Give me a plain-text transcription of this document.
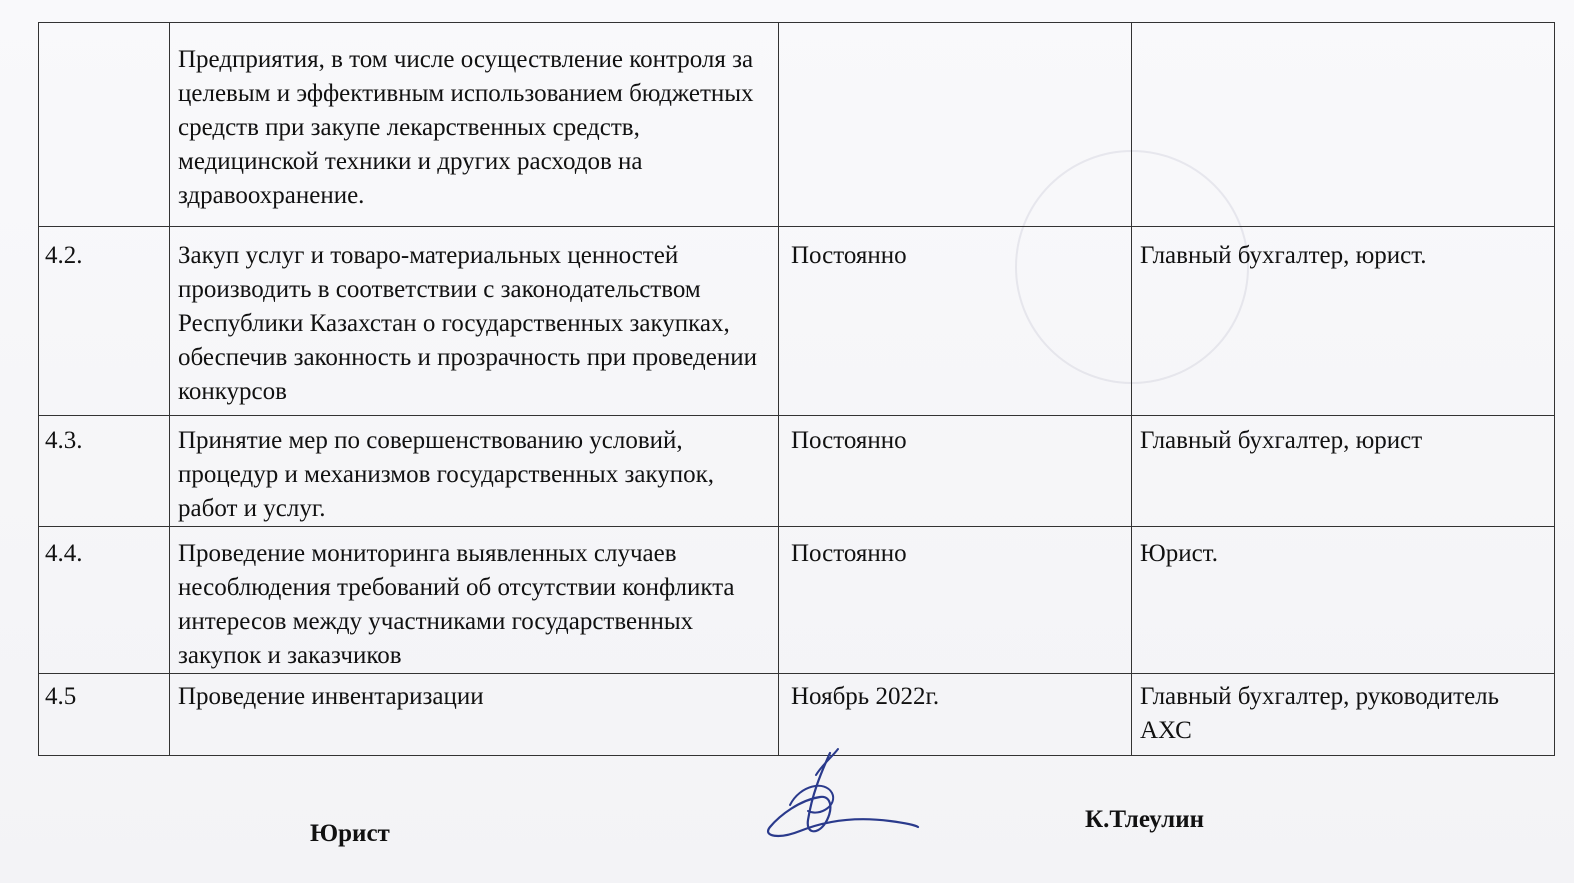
	Предприятия, в том числе осуществление контроля за целевым и эффективным использованием бюджетных средств при закупе лекарственных средств, медицинской техники и других расходов на здравоохранение.		
4.2.	Закуп услуг и товаро-материальных ценностей производить в соответствии с законодательством Республики Казахстан о государственных закупках, обеспечив законность и прозрачность при проведении конкурсов	Постоянно	Главный бухгалтер, юрист.
4.3.	Принятие мер по совершенствованию условий, процедур и механизмов государственных закупок, работ и услуг.	Постоянно	Главный бухгалтер, юрист
4.4.	Проведение мониторинга выявленных случаев несоблюдения требований об отсутствии конфликта интересов между участниками государственных закупок и заказчиков	Постоянно	Юрист.
4.5	Проведение инвентаризации	Ноябрь 2022г.	Главный бухгалтер, руководитель АХС
Юрист
К.Тлеулин
